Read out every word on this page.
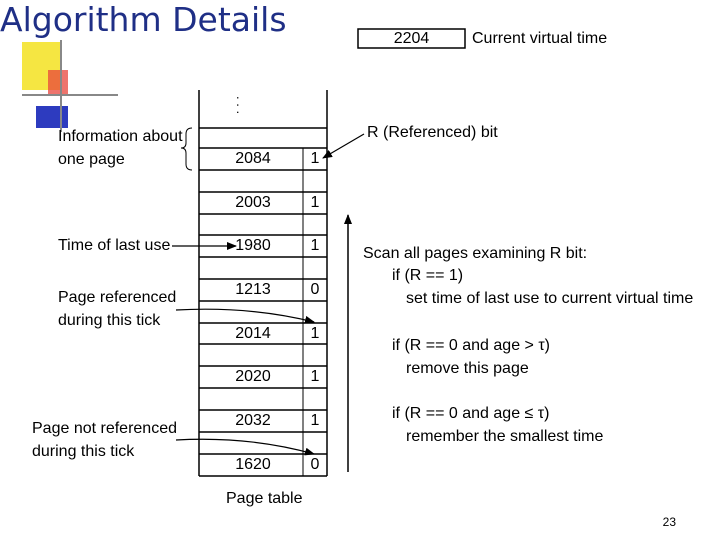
Algorithm Details	2204	Current virtual time
. . .
2084	1
2003	1
1980	1
1213	0
2014	1
2020	1
2032	1
1620	0
Page table
Information about
one page
Time of last use
Page referenced
during this tick
Page not referenced
during this tick
R (Referenced) bit
Scan all pages examining R bit:
if (R == 1)
set time of last use to current virtual time
if (R == 0 and age > τ)
remove this page
if (R == 0 and age ≤ τ)
remember the smallest time
23
